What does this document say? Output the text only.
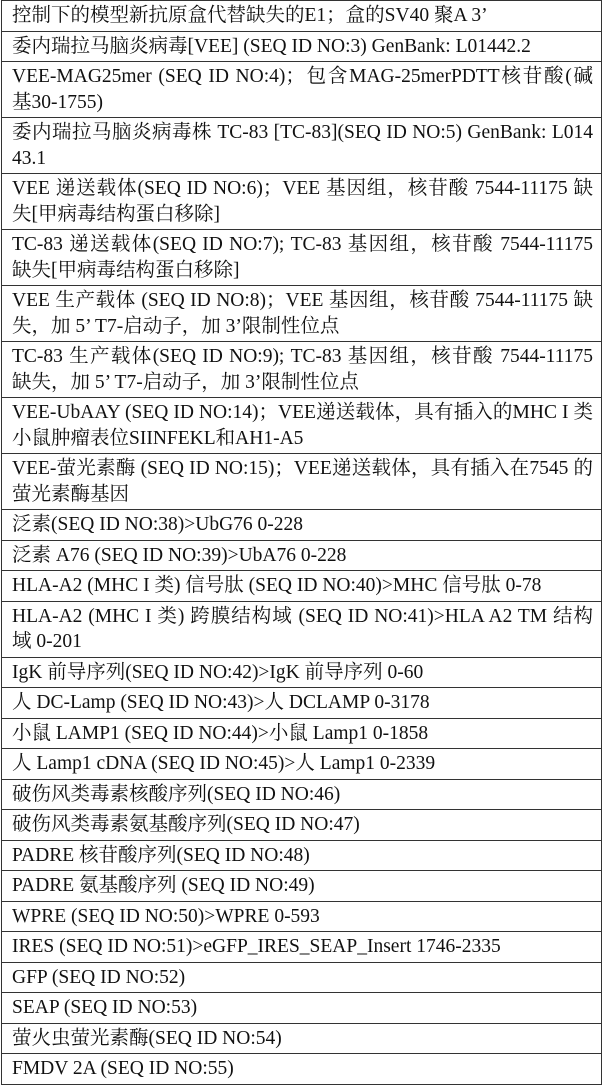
控制下的模型新抗原盒代替缺失的E1；盒的SV40 聚A 3’
委内瑞拉马脑炎病毒[VEE] (SEQ ID NO:3) GenBank: L01442.2
VEE-MAG25mer (SEQ ID NO:4)；包含MAG-25merPDTT核苷酸(碱基30-1755)
委内瑞拉马脑炎病毒株 TC-83 [TC-83](SEQ ID NO:5) GenBank: L01443.1
VEE 递送载体(SEQ ID NO:6)；VEE 基因组，核苷酸 7544-11175 缺失[甲病毒结构蛋白移除]
TC-83 递送载体(SEQ ID NO:7); TC-83 基因组，核苷酸 7544-11175 缺失[甲病毒结构蛋白移除]
VEE 生产载体 (SEQ ID NO:8)；VEE 基因组，核苷酸 7544-11175 缺失，加 5’ T7-启动子，加 3’限制性位点
TC-83 生产载体(SEQ ID NO:9); TC-83 基因组，核苷酸 7544-11175 缺失，加 5’ T7-启动子，加 3’限制性位点
VEE-UbAAY (SEQ ID NO:14)；VEE递送载体，具有插入的MHC I 类小鼠肿瘤表位SIINFEKL和AH1-A5
VEE-萤光素酶 (SEQ ID NO:15)；VEE递送载体，具有插入在7545 的萤光素酶基因
泛素(SEQ ID NO:38)>UbG76 0-228
泛素 A76 (SEQ ID NO:39)>UbA76 0-228
HLA-A2 (MHC I 类) 信号肽 (SEQ ID NO:40)>MHC 信号肽 0-78
HLA-A2 (MHC I 类) 跨膜结构域 (SEQ ID NO:41)>HLA A2 TM 结构域 0-201
IgK 前导序列(SEQ ID NO:42)>IgK 前导序列 0-60
人 DC-Lamp (SEQ ID NO:43)>人 DCLAMP 0-3178
小鼠 LAMP1 (SEQ ID NO:44)>小鼠 Lamp1 0-1858
人 Lamp1 cDNA (SEQ ID NO:45)>人 Lamp1 0-2339
破伤风类毒素核酸序列(SEQ ID NO:46)
破伤风类毒素氨基酸序列(SEQ ID NO:47)
PADRE 核苷酸序列(SEQ ID NO:48)
PADRE 氨基酸序列 (SEQ ID NO:49)
WPRE (SEQ ID NO:50)>WPRE 0-593
IRES (SEQ ID NO:51)>eGFP_IRES_SEAP_Insert 1746-2335
GFP (SEQ ID NO:52)
SEAP (SEQ ID NO:53)
萤火虫萤光素酶(SEQ ID NO:54)
FMDV 2A (SEQ ID NO:55)
